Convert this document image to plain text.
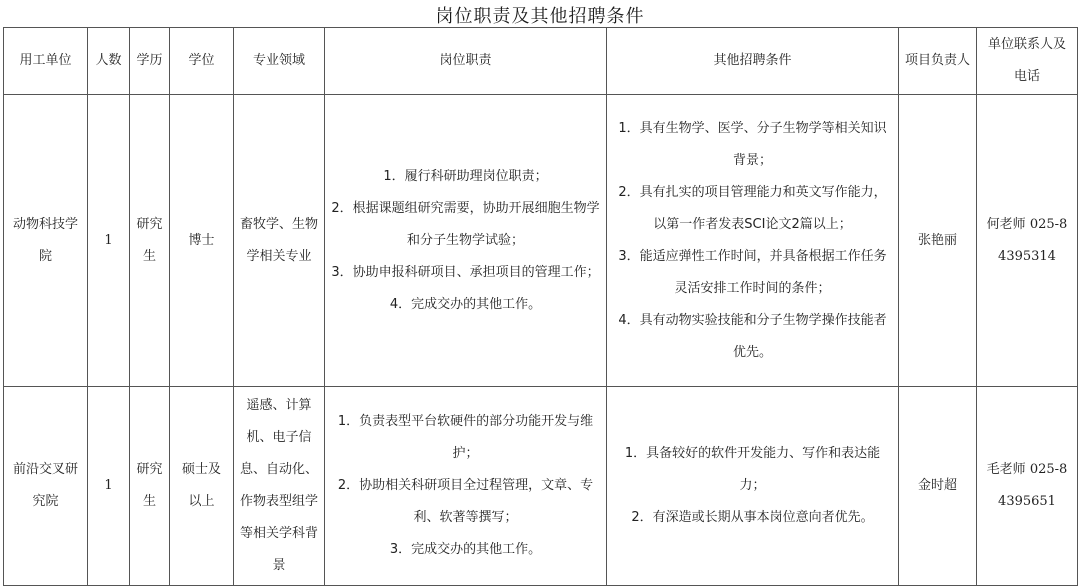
岗位职责及其他招聘条件
用工单位	人数	学历	学位	专业领域	岗位职责	其他招聘条件	项目负责人	单位联系人及电话
动物科技学院	1	研究生	博士	畜牧学、生物学相关专业	1．履行科研助理岗位职责；
2．根据课题组研究需要，协助开展细胞生物学和分子生物学试验；
3．协助申报科研项目、承担项目的管理工作；
4．完成交办的其他工作。	1．具有生物学、医学、分子生物学等相关知识背景；
2．具有扎实的项目管理能力和英文写作能力，以第一作者发表SCI论文2篇以上；
3．能适应弹性工作时间，并具备根据工作任务灵活安排工作时间的条件；
4．具有动物实验技能和分子生物学操作技能者优先。	张艳丽	何老师 025-84395314
前沿交叉研究院	1	研究生	硕士及以上	遥感、计算机、电子信息、自动化、作物表型组学等相关学科背景	1．负责表型平台软硬件的部分功能开发与维护；
2．协助相关科研项目全过程管理，文章、专利、软著等撰写；
3．完成交办的其他工作。	1．具备较好的软件开发能力、写作和表达能力；
2．有深造或长期从事本岗位意向者优先。	金时超	毛老师 025-84395651
